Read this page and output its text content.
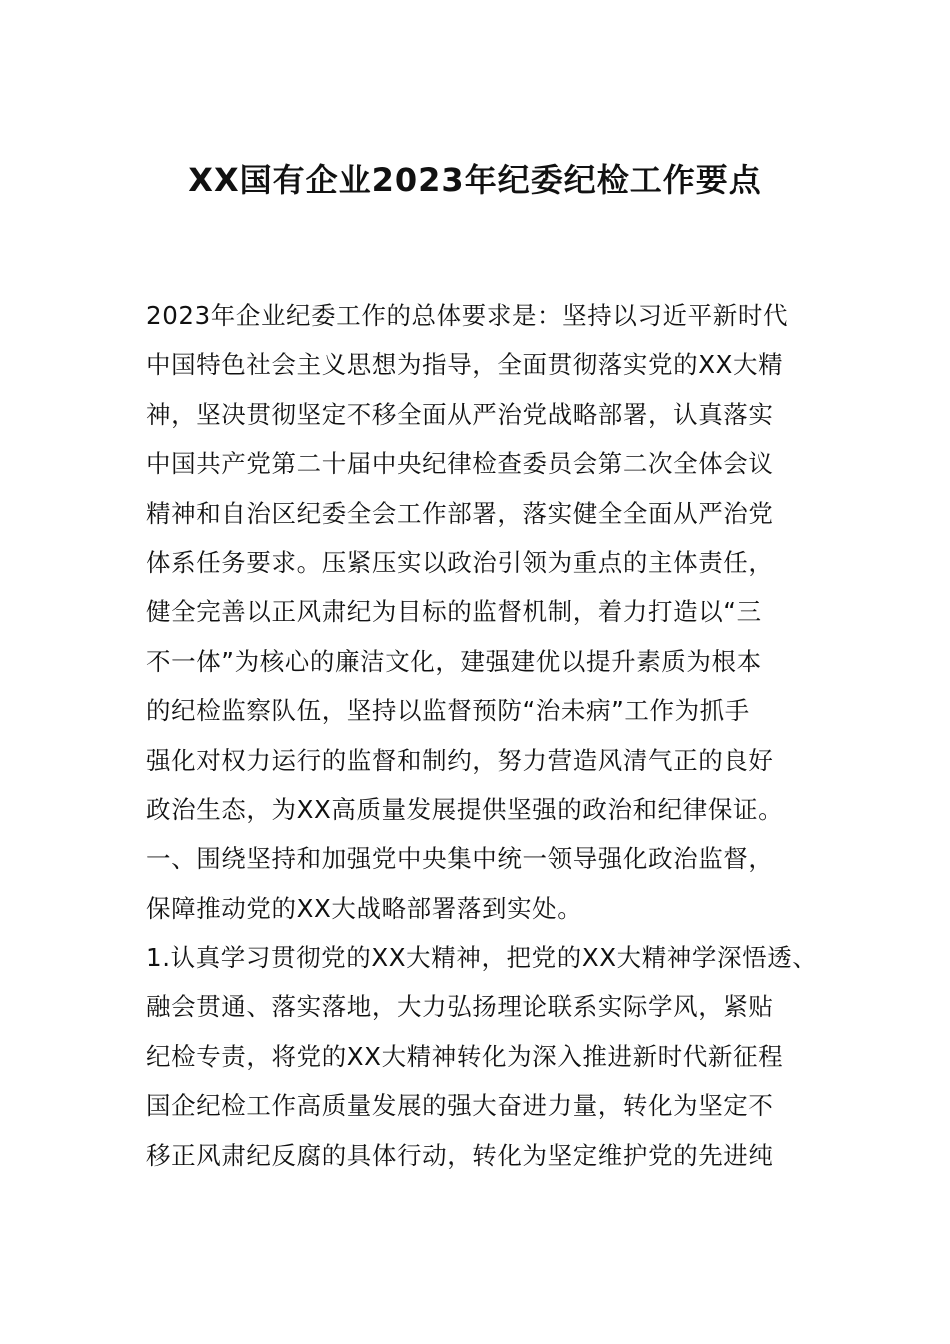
XX国有企业2023年纪委纪检工作要点
2023年企业纪委工作的总体要求是：坚持以习近平新时代
中国特色社会主义思想为指导，全面贯彻落实党的XX大精
神，坚决贯彻坚定不移全面从严治党战略部署，认真落实
中国共产党第二十届中央纪律检查委员会第二次全体会议
精神和自治区纪委全会工作部署，落实健全全面从严治党
体系任务要求。压紧压实以政治引领为重点的主体责任，
健全完善以正风肃纪为目标的监督机制，着力打造以“三
不一体”为核心的廉洁文化，建强建优以提升素质为根本
的纪检监察队伍，坚持以监督预防“治未病”工作为抓手
强化对权力运行的监督和制约，努力营造风清气正的良好
政治生态，为XX高质量发展提供坚强的政治和纪律保证。
一、围绕坚持和加强党中央集中统一领导强化政治监督，
保障推动党的XX大战略部署落到实处。
1.认真学习贯彻党的XX大精神，把党的XX大精神学深悟透、
融会贯通、落实落地，大力弘扬理论联系实际学风，紧贴
纪检专责，将党的XX大精神转化为深入推进新时代新征程
国企纪检工作高质量发展的强大奋进力量，转化为坚定不
移正风肃纪反腐的具体行动，转化为坚定维护党的先进纯
